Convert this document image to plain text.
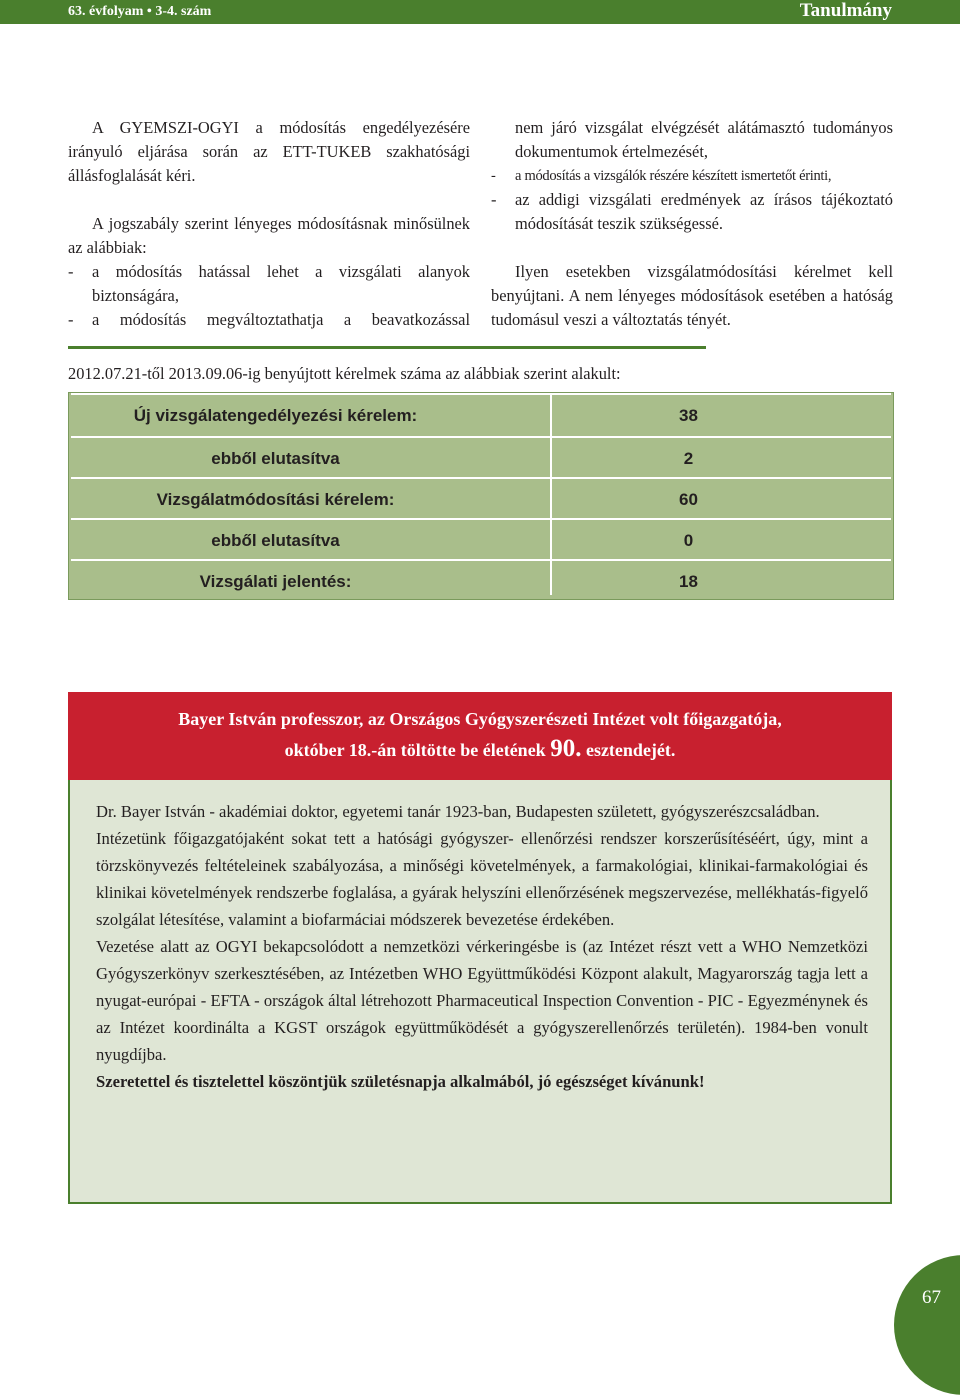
63. évfolyam • 3-4. szám	Tanulmány

A GYEMSZI-OGYI a módosítás engedélyezésére irányuló eljárása során az ETT-TUKEB szakhatósági állásfoglalását kéri.

A jogszabály szerint lényeges módosításnak minősülnek az alábbiak:

-	a módosítás hatással lehet a vizsgálati alanyok biztonságára,
-	a módosítás megváltoztathatja a beavatkozással

nem járó vizsgálat elvégzését alátámasztó tudományos dokumentumok értelmezését,

-	a módosítás a vizsgálók részére készített ismertetőt érinti,
-	az addigi vizsgálati eredmények az írásos tájékoztató módosítását teszik szükségessé.

Ilyen esetekben vizsgálatmódosítási kérelmet kell benyújtani. A nem lényeges módosítások esetében a hatóság tudomásul veszi a változtatás tényét.

2012.07.21-től 2013.09.06-ig benyújtott kérelmek száma az alábbiak szerint alakult:
Új vizsgálatengedélyezési kérelem:	38
ebből elutasítva	2
Vizsgálatmódosítási kérelem:	60
ebből elutasítva	0
Vizsgálati jelentés:	18
Bayer István professzor, az Országos Gyógyszerészeti Intézet volt főigazgatója,
október 18.-án töltötte be életének 90. esztendejét.

Dr. Bayer István - akadémiai doktor, egyetemi tanár 1923-ban, Budapesten született, gyógyszerészcsaládban.

Intézetünk főigazgatójaként sokat tett a hatósági gyógyszer- ellenőrzési rendszer korszerűsítéséért, úgy, mint a törzskönyvezés feltételeinek szabályozása, a minőségi követelmények, a farmakológiai, klinikai-farmakológiai és klinikai követelmények rendszerbe foglalása, a gyárak helyszíni ellenőrzésének megszervezése, mellékhatás-figyelő szolgálat létesítése, valamint a biofarmáciai módszerek bevezetése érdekében.

Vezetése alatt az OGYI bekapcsolódott a nemzetközi vérkeringésbe is (az Intézet részt vett a WHO Nemzetközi Gyógyszerkönyv szerkesztésében, az Intézetben WHO Együttműködési Központ alakult, Magyarország tagja lett a nyugat-európai - EFTA - országok által létrehozott Pharmaceutical Inspection Convention - PIC - Egyezménynek és az Intézet koordinálta a KGST országok együttműködését a gyógyszerellenőrzés területén). 1984-ben vonult nyugdíjba.

Szeretettel és tisztelettel köszöntjük születésnapja alkalmából, jó egészséget kívánunk!

67
